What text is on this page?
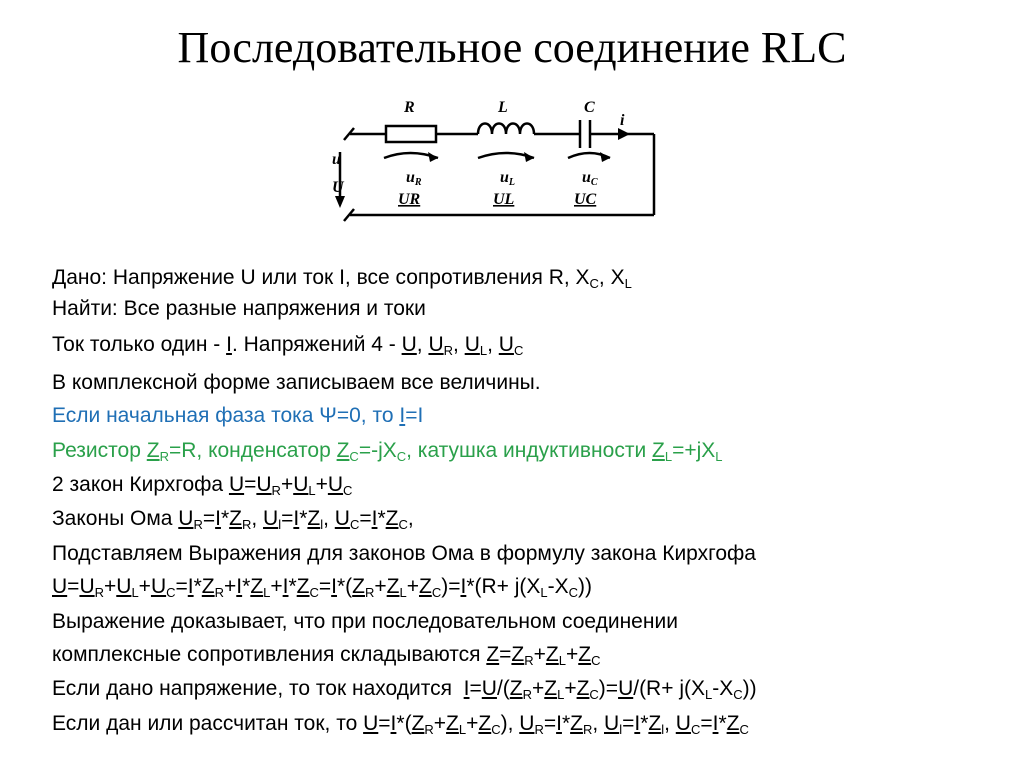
Последовательное соединение RLC
R	L	C
i
u
U
uR	uL	uC
UR	UL	UC
Дано: Напряжение U или ток I, все сопротивления R, $X_C$, $X_L$
Найти: Все разные напряжения и токи
Ток только один - I. Напряжений 4 - U, $U_R$, $U_L$, $U_C$
В комплексной форме записываем все величины.
Если начальная фаза тока Ψ=0, то I=I
Резистор $Z_R=R$, конденсатор $Z_C=-jX_C$, катушка индуктивности $Z_L=+jX_L$
2 закон Кирхгофа $U=U_R+U_L+U_C$
Законы Ома $U_R=I*Z_R$, $U_l=I*Z_l$, $U_C=I*Z_C$,
Подставляем Выражения для законов Ома в формулу закона Кирхгофа
$U=U_R+U_L+U_C=I*Z_R+I*Z_L+I*Z_C=I*(Z_R+Z_L+Z_C)=I*(R+ j(X_L-X_C))$
Выражение доказывает, что при последовательном соединении
комплексные сопротивления складываются $Z=Z_R+Z_L+Z_C$
Если дано напряжение, то ток находится  $I=U/(Z_R+Z_L+Z_C)=U/(R+ j(X_L-X_C))$
Если дан или рассчитан ток, то $U=I*(Z_R+Z_L+Z_C)$, $U_R=I*Z_R$, $U_l=I*Z_l$, $U_C=I*Z_C$
